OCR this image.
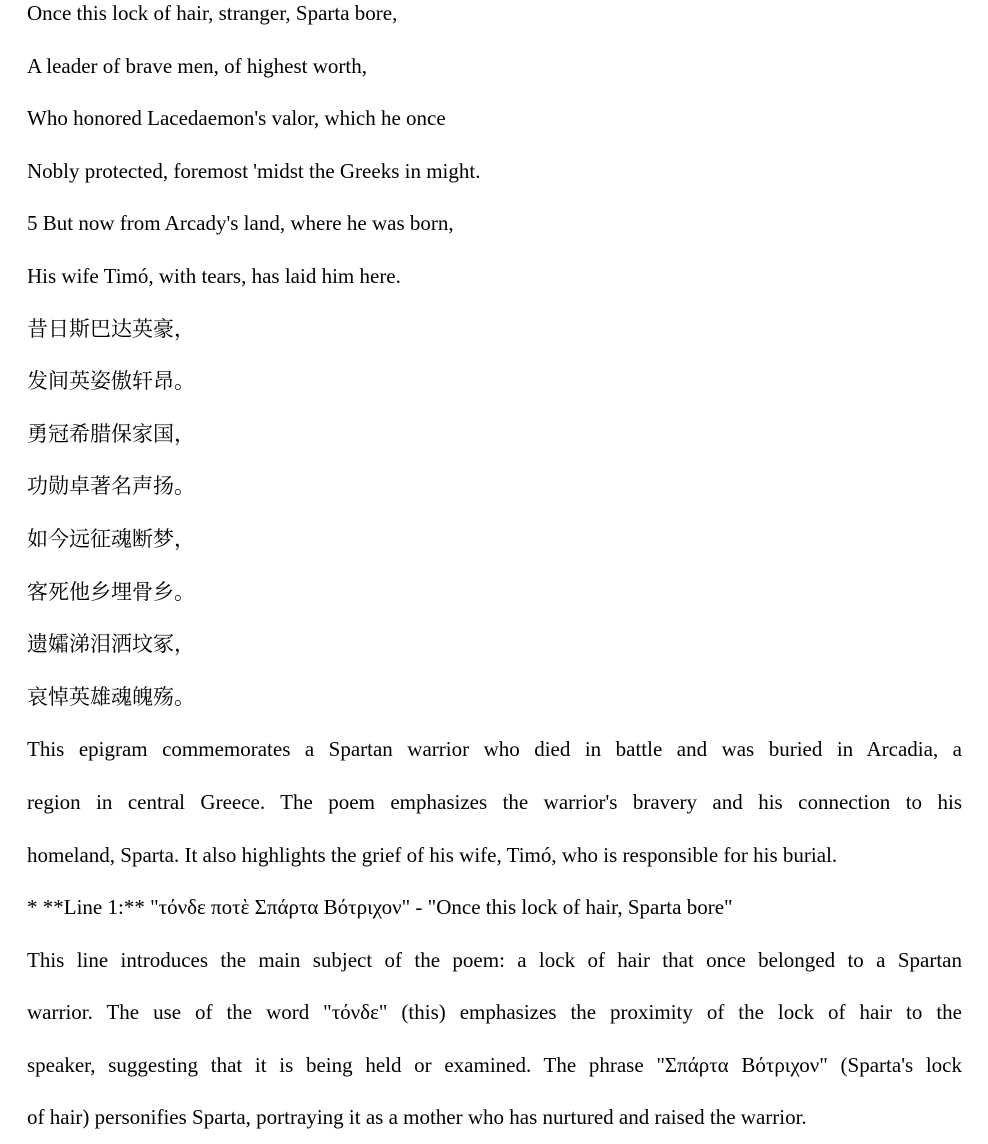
Once this lock of hair, stranger, Sparta bore,
A leader of brave men, of highest worth,
Who honored Lacedaemon's valor, which he once
Nobly protected, foremost 'midst the Greeks in might.
5 But now from Arcady's land, where he was born,
His wife Timó, with tears, has laid him here.
昔日斯巴达英豪，
发间英姿傲轩昂。
勇冠希腊保家国，
功勋卓著名声扬。
如今远征魂断梦，
客死他乡埋骨乡。
遗孀涕泪洒坟冢，
哀悼英雄魂魄殇。
This epigram commemorates a Spartan warrior who died in battle and was buried in Arcadia, a
region in central Greece. The poem emphasizes the warrior's bravery and his connection to his
homeland, Sparta. It also highlights the grief of his wife, Timó, who is responsible for his burial.
* **Line 1:** "τόνδε ποτὲ Σπάρτα Βότριχον" - "Once this lock of hair, Sparta bore"
This line introduces the main subject of the poem: a lock of hair that once belonged to a Spartan
warrior. The use of the word "τόνδε" (this) emphasizes the proximity of the lock of hair to the
speaker, suggesting that it is being held or examined. The phrase "Σπάρτα Βότριχον" (Sparta's lock
of hair) personifies Sparta, portraying it as a mother who has nurtured and raised the warrior.
